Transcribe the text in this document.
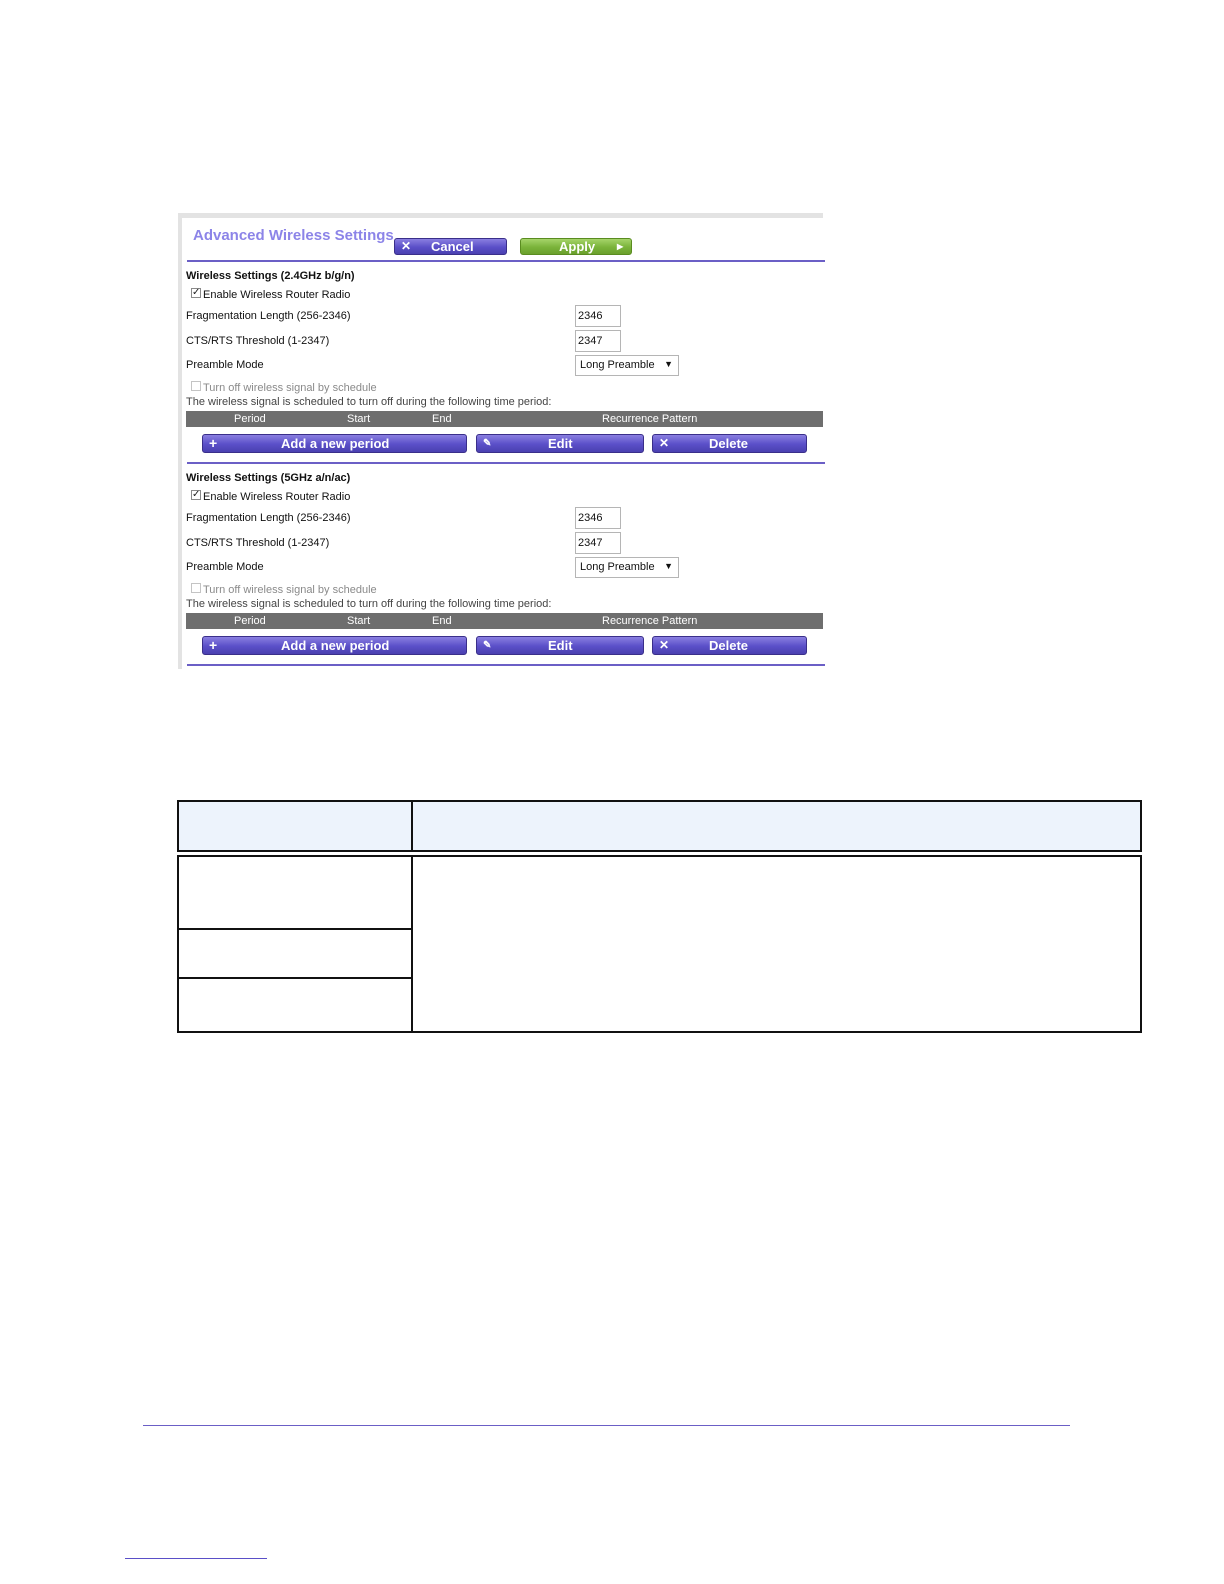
Advanced Wireless Settings
✕ Cancel	Apply	▶
Wireless Settings (2.4GHz b/g/n)
✓ Enable Wireless Router Radio
Fragmentation Length (256-2346)	2346
CTS/RTS Threshold (1-2347)	2347
Preamble Mode	Long Preamble ▼
Turn off wireless signal by schedule
The wireless signal is scheduled to turn off during the following time period:
Period	Start	End	Recurrence Pattern
+	Add a new period	✎	Edit	✕	Delete
Wireless Settings (5GHz a/n/ac)
✓ Enable Wireless Router Radio
Fragmentation Length (256-2346)	2346
CTS/RTS Threshold (1-2347)	2347
Preamble Mode	Long Preamble ▼
Turn off wireless signal by schedule
The wireless signal is scheduled to turn off during the following time period:
Period	Start	End	Recurrence Pattern
+	Add a new period	✎	Edit	✕	Delete
